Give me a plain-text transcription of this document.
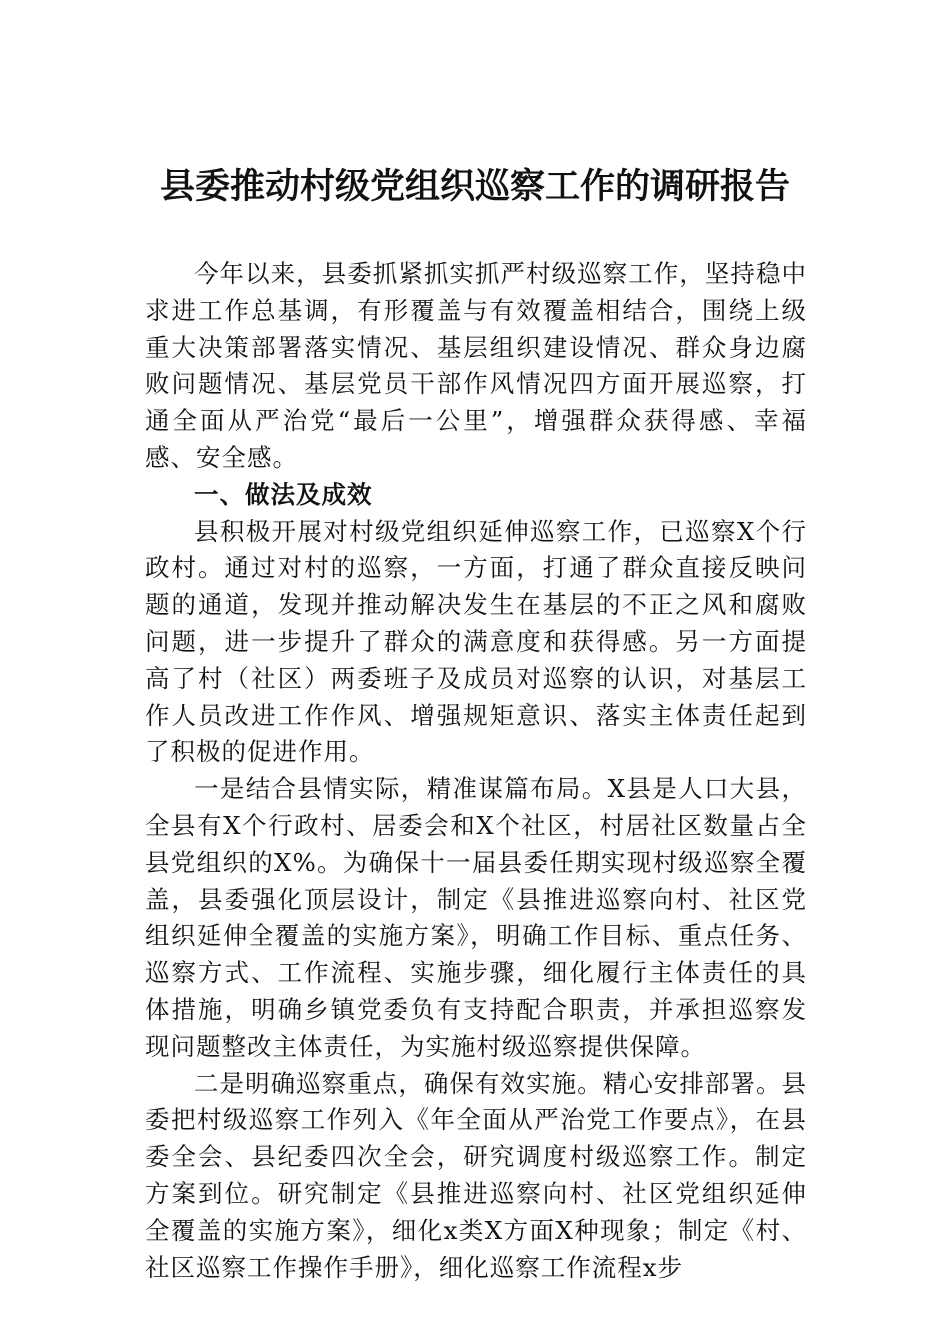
县委推动村级党组织巡察工作的调研报告

今年以来，县委抓紧抓实抓严村级巡察工作，坚持稳中求进工作总基调，有形覆盖与有效覆盖相结合，围绕上级重大决策部署落实情况、基层组织建设情况、群众身边腐败问题情况、基层党员干部作风情况四方面开展巡察，打通全面从严治党“最后一公里”，增强群众获得感、幸福感、安全感。

一、做法及成效

县积极开展对村级党组织延伸巡察工作，已巡察X个行政村。通过对村的巡察，一方面，打通了群众直接反映问题的通道，发现并推动解决发生在基层的不正之风和腐败问题，进一步提升了群众的满意度和获得感。另一方面提高了村（社区）两委班子及成员对巡察的认识，对基层工作人员改进工作作风、增强规矩意识、落实主体责任起到了积极的促进作用。

一是结合县情实际，精准谋篇布局。X县是人口大县，全县有X个行政村、居委会和X个社区，村居社区数量占全县党组织的X%。为确保十一届县委任期实现村级巡察全覆盖，县委强化顶层设计，制定《县推进巡察向村、社区党组织延伸全覆盖的实施方案》，明确工作目标、重点任务、巡察方式、工作流程、实施步骤，细化履行主体责任的具体措施，明确乡镇党委负有支持配合职责，并承担巡察发现问题整改主体责任，为实施村级巡察提供保障。

二是明确巡察重点，确保有效实施。精心安排部署。县委把村级巡察工作列入《年全面从严治党工作要点》，在县委全会、县纪委四次全会，研究调度村级巡察工作。制定方案到位。研究制定《县推进巡察向村、社区党组织延伸全覆盖的实施方案》，细化x类X方面X种现象；制定《村、社区巡察工作操作手册》，细化巡察工作流程x步
